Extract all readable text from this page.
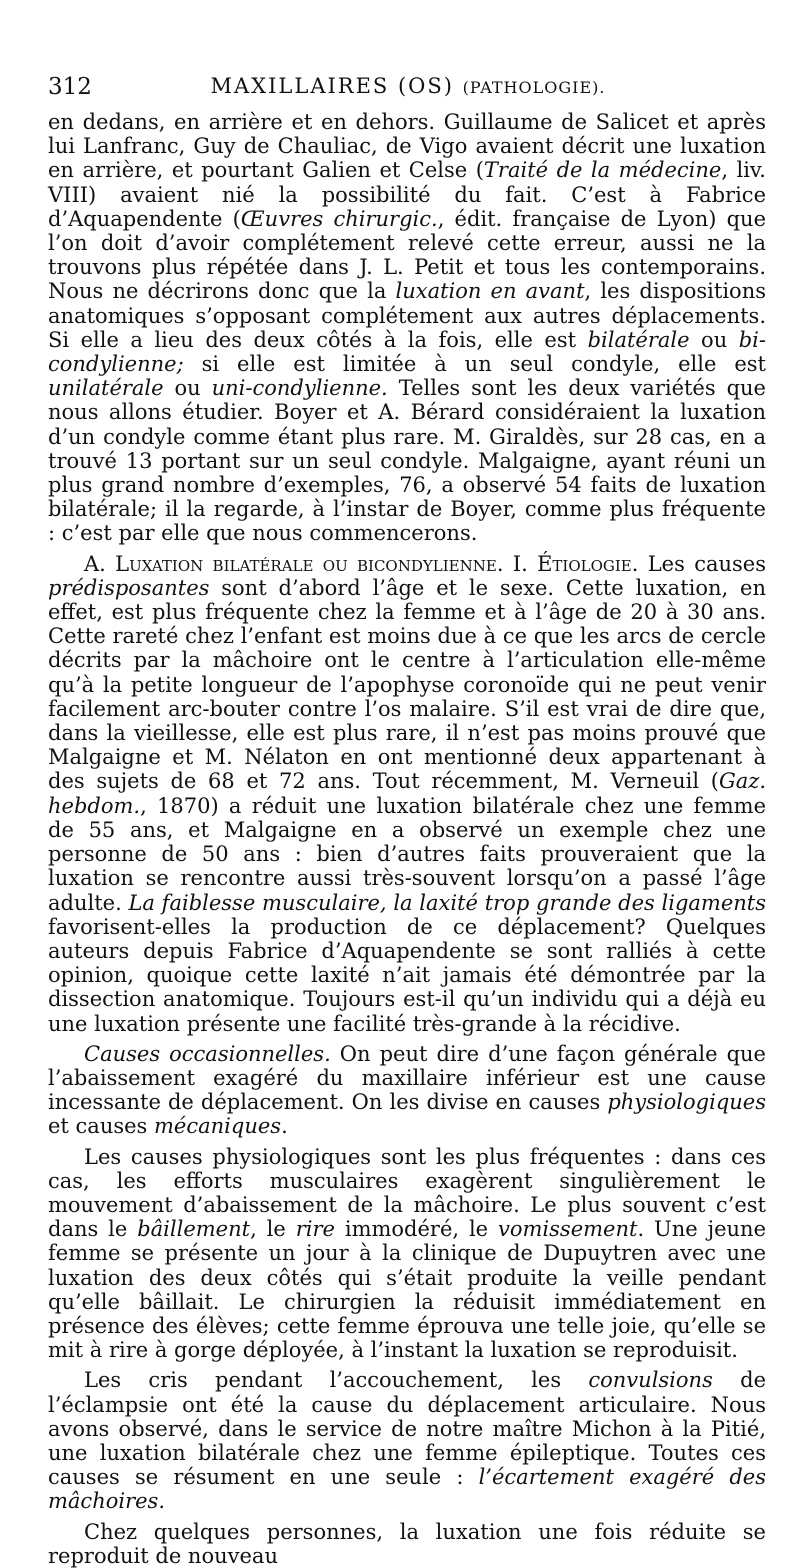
312	MAXILLAIRES (OS) (PATHOLOGIE).

en dedans, en arrière et en dehors. Guillaume de Salicet et après lui Lanfranc, Guy de Chauliac, de Vigo avaient décrit une luxation en arrière, et pourtant Galien et Celse (Traité de la médecine, liv. VIII) avaient nié la possibilité du fait. C’est à Fabrice d’Aquapendente (Œuvres chirurgic., édit. française de Lyon) que l’on doit d’avoir complétement relevé cette erreur, aussi ne la trouvons plus répétée dans J. L. Petit et tous les contemporains. Nous ne décrirons donc que la luxation en avant, les dispositions anatomiques s’opposant complétement aux autres déplacements. Si elle a lieu des deux côtés à la fois, elle est bilatérale ou bi-condylienne; si elle est limitée à un seul condyle, elle est unilatérale ou uni-condylienne. Telles sont les deux variétés que nous allons étudier. Boyer et A. Bérard considéraient la luxation d’un condyle comme étant plus rare. M. Giraldès, sur 28 cas, en a trouvé 13 portant sur un seul condyle. Malgaigne, ayant réuni un plus grand nombre d’exemples, 76, a observé 54 faits de luxation bilatérale; il la regarde, à l’instar de Boyer, comme plus fréquente : c’est par elle que nous commencerons.

A. Luxation bilatérale ou bicondylienne. I. Étiologie. Les causes prédisposantes sont d’abord l’âge et le sexe. Cette luxation, en effet, est plus fréquente chez la femme et à l’âge de 20 à 30 ans. Cette rareté chez l’enfant est moins due à ce que les arcs de cercle décrits par la mâchoire ont le centre à l’articulation elle-même qu’à la petite longueur de l’apophyse coronoïde qui ne peut venir facilement arc-bouter contre l’os malaire. S’il est vrai de dire que, dans la vieillesse, elle est plus rare, il n’est pas moins prouvé que Malgaigne et M. Nélaton en ont mentionné deux appartenant à des sujets de 68 et 72 ans. Tout récemment, M. Verneuil (Gaz. hebdom., 1870) a réduit une luxation bilatérale chez une femme de 55 ans, et Malgaigne en a observé un exemple chez une personne de 50 ans : bien d’autres faits prouveraient que la luxation se rencontre aussi très-souvent lorsqu’on a passé l’âge adulte. La faiblesse musculaire, la laxité trop grande des ligaments favorisent-elles la production de ce déplacement? Quelques auteurs depuis Fabrice d’Aquapendente se sont ralliés à cette opinion, quoique cette laxité n’ait jamais été démontrée par la dissection anatomique. Toujours est-il qu’un individu qui a déjà eu une luxation présente une facilité très-grande à la récidive.

Causes occasionnelles. On peut dire d’une façon générale que l’abaissement exagéré du maxillaire inférieur est une cause incessante de déplacement. On les divise en causes physiologiques et causes mécaniques.

Les causes physiologiques sont les plus fréquentes : dans ces cas, les efforts musculaires exagèrent singulièrement le mouvement d’abaissement de la mâchoire. Le plus souvent c’est dans le bâillement, le rire immodéré, le vomissement. Une jeune femme se présente un jour à la clinique de Dupuytren avec une luxation des deux côtés qui s’était produite la veille pendant qu’elle bâillait. Le chirurgien la réduisit immédiatement en présence des élèves; cette femme éprouva une telle joie, qu’elle se mit à rire à gorge déployée, à l’instant la luxation se reproduisit.

Les cris pendant l’accouchement, les convulsions de l’éclampsie ont été la cause du déplacement articulaire. Nous avons observé, dans le service de notre maître Michon à la Pitié, une luxation bilatérale chez une femme épileptique. Toutes ces causes se résument en une seule : l’écartement exagéré des mâchoires.

Chez quelques personnes, la luxation une fois réduite se reproduit de nouveau
